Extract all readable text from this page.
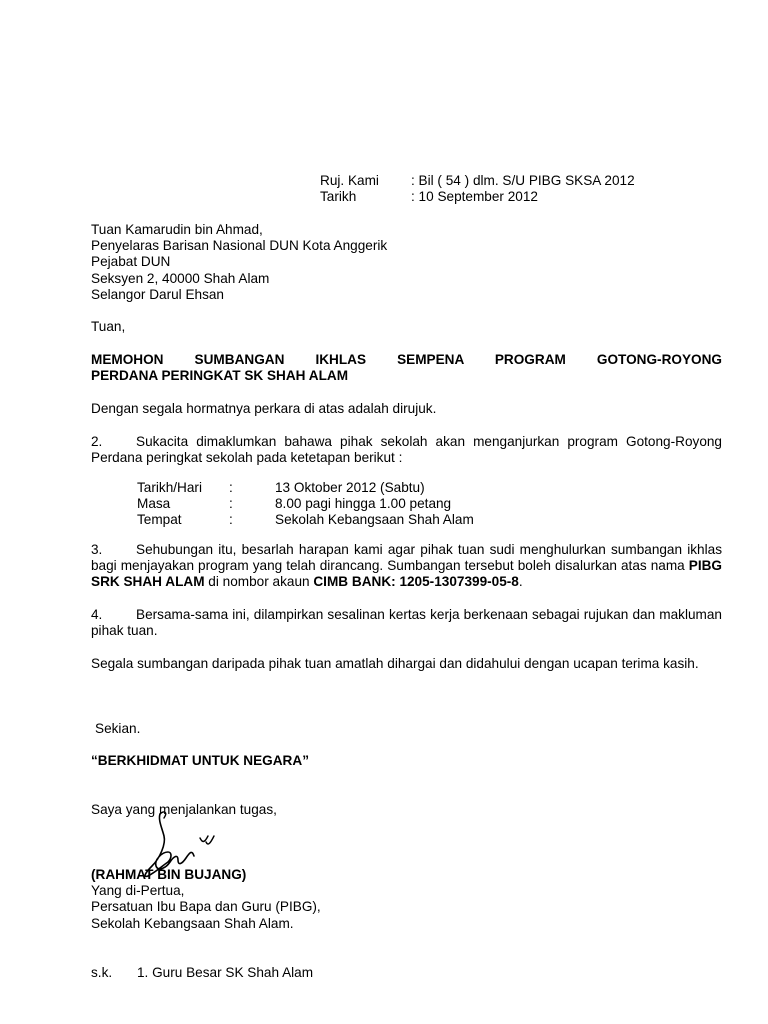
Ruj. Kami : Bil ( 54 ) dlm. S/U PIBG SKSA 2012
Tarikh	: 10 September 2012
Tuan Kamarudin bin Ahmad,
Penyelaras Barisan Nasional DUN Kota Anggerik
Pejabat DUN
Seksyen 2, 40000 Shah Alam
Selangor Darul Ehsan
Tuan,
MEMOHON SUMBANGAN IKHLAS SEMPENA PROGRAM GOTONG-ROYONG
PERDANA PERINGKAT SK SHAH ALAM
Dengan segala hormatnya perkara di atas adalah dirujuk.
2. Sukacita dimaklumkan bahawa pihak sekolah akan menganjurkan program Gotong-Royong Perdana peringkat sekolah pada ketetapan berikut :
Tarikh/Hari :	13 Oktober 2012 (Sabtu)
Masa	:	8.00 pagi hingga 1.00 petang
Tempat	:	Sekolah Kebangsaan Shah Alam
3. Sehubungan itu, besarlah harapan kami agar pihak tuan sudi menghulurkan sumbangan ikhlas bagi menjayakan program yang telah dirancang. Sumbangan tersebut boleh disalurkan atas nama PIBG SRK SHAH ALAM di nombor akaun CIMB BANK: 1205-1307399-05-8.
4. Bersama-sama ini, dilampirkan sesalinan kertas kerja berkenaan sebagai rujukan dan makluman pihak tuan.
Segala sumbangan daripada pihak tuan amatlah dihargai dan didahului dengan ucapan terima kasih.
Sekian.
“BERKHIDMAT UNTUK NEGARA”
Saya yang menjalankan tugas,
(RAHMAT BIN BUJANG)
Yang di-Pertua,
Persatuan Ibu Bapa dan Guru (PIBG),
Sekolah Kebangsaan Shah Alam.
s.k. 1. Guru Besar SK Shah Alam
